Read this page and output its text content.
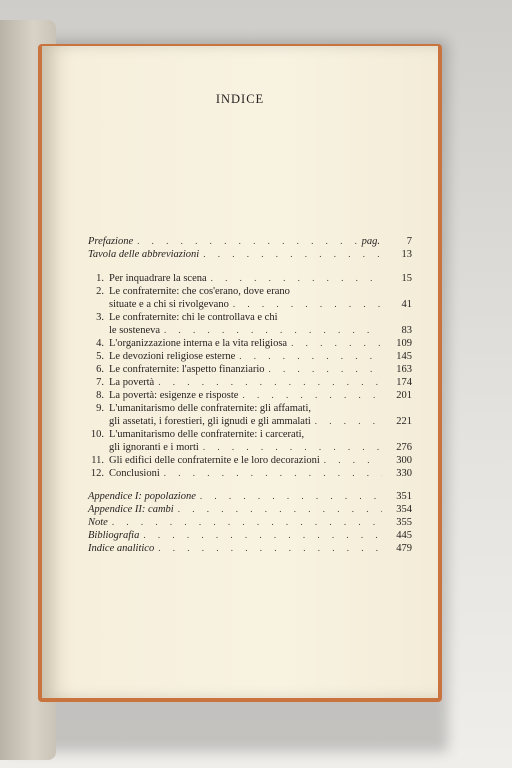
INDICE
Prefazione . . .	pag.	7
Tavola delle abbreviazioni . . .	13
1. Per inquadrare la scena . . .	15
2. Le confraternite: che cos'erano, dove erano
situate e a chi si rivolgevano . . .	41
3. Le confraternite: chi le controllava e chi
le sosteneva . . .	83
4. L'organizzazione interna e la vita religiosa . . .	109
5. Le devozioni religiose esterne . . .	145
6. Le confraternite: l'aspetto finanziario . . .	163
7. La povertà . . .	174
8. La povertà: esigenze e risposte . . .	201
9. L'umanitarismo delle confraternite: gli affamati,
gli assetati, i forestieri, gli ignudi e gli ammalati . . .	221
10. L'umanitarismo delle confraternite: i carcerati,
gli ignoranti e i morti . . .	276
11. Gli edifici delle confraternite e le loro decorazioni . . .	300
12. Conclusioni . . .	330
Appendice I: popolazione . . .	351
Appendice II: cambi . . .	354
Note . . .	355
Bibliografia . . .	445
Indice analitico . . .	479
